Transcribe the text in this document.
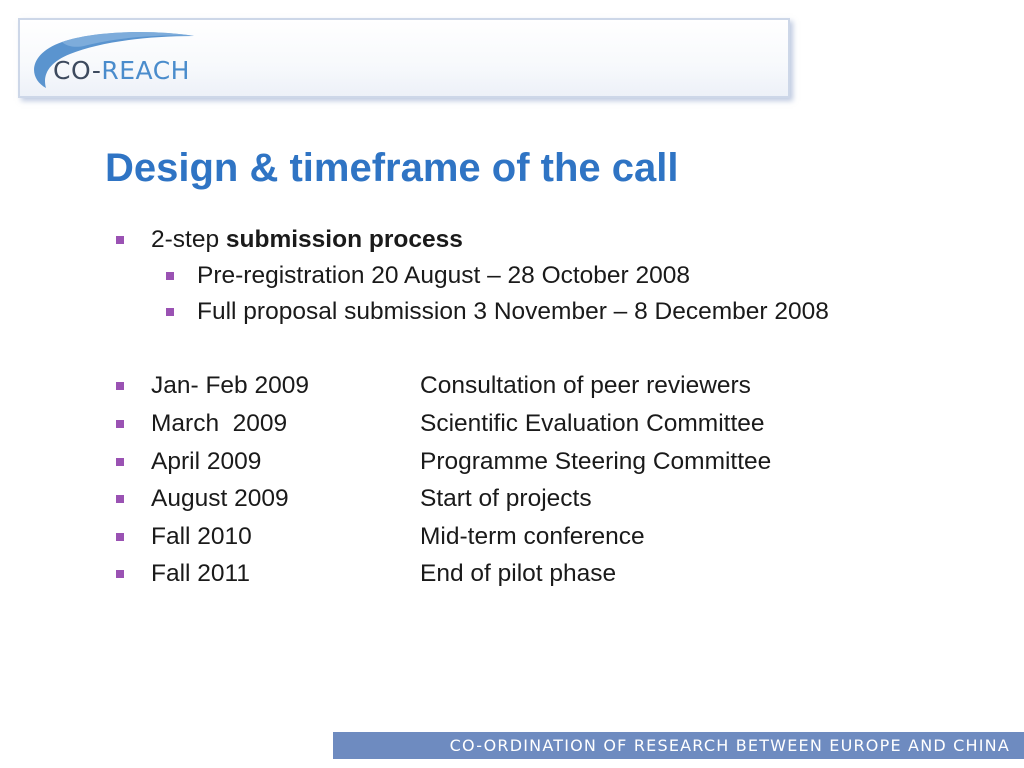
CO-REACH
Design & timeframe of the call
2-step submission process
Pre-registration 20 August – 28 October 2008
Full proposal submission 3 November – 8 December 2008
Jan- Feb 2009	Consultation of peer reviewers
March  2009	Scientific Evaluation Committee
April 2009	Programme Steering Committee
August 2009	Start of projects
Fall 2010	Mid-term conference
Fall 2011	End of pilot phase
CO-ORDINATION OF RESEARCH BETWEEN EUROPE AND CHINA
